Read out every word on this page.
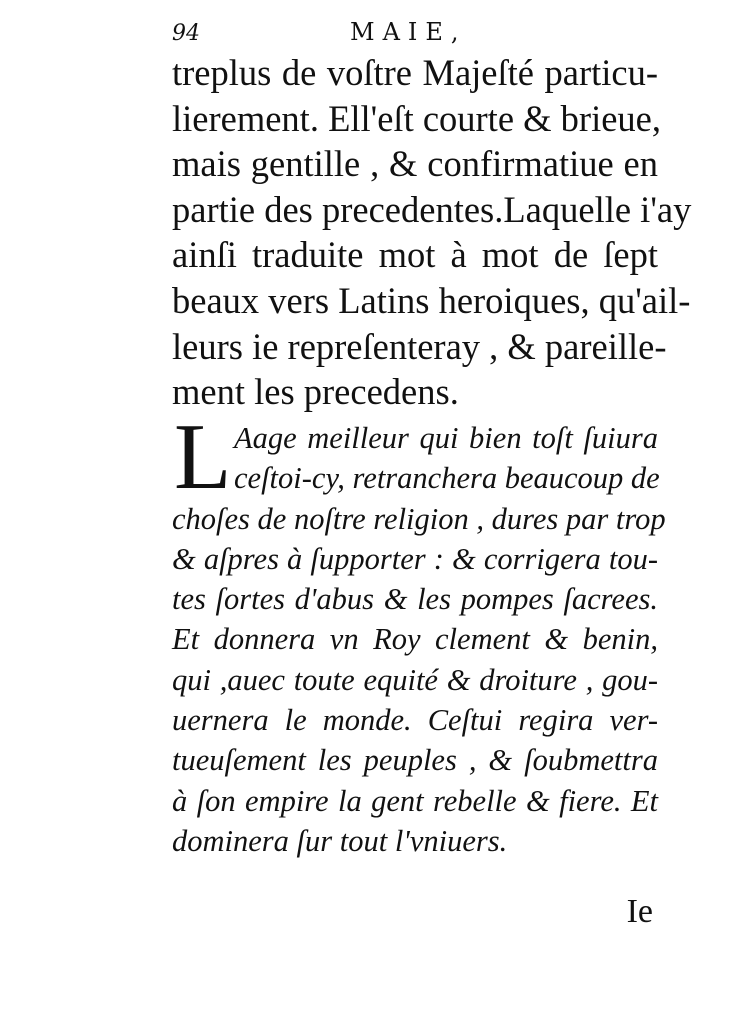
94	MAIE,
treplus de voſtre Majeſté particu-
lierement. Ell'eſt courte & brieue,
mais gentille , & confirmatiue en
partie des precedentes.Laquelle i'ay
ainſi traduite mot à mot de ſept
beaux vers Latins heroiques, qu'ail-
leurs ie repreſenteray , & pareille-
ment les precedens.
L Aage meilleur qui bien toſt ſuiura
ceſtoi-cy, retranchera beaucoup de
choſes de noſtre religion , dures par trop
& aſpres à ſupporter : & corrigera tou-
tes ſortes d'abus & les pompes ſacrees.
Et donnera vn Roy clement & benin,
qui ,auec toute equité & droiture , gou-
uernera le monde. Ceſtui regira ver-
tueuſement les peuples , & ſoubmettra
à ſon empire la gent rebelle & fiere. Et
dominera ſur tout l'vniuers.
Ie
